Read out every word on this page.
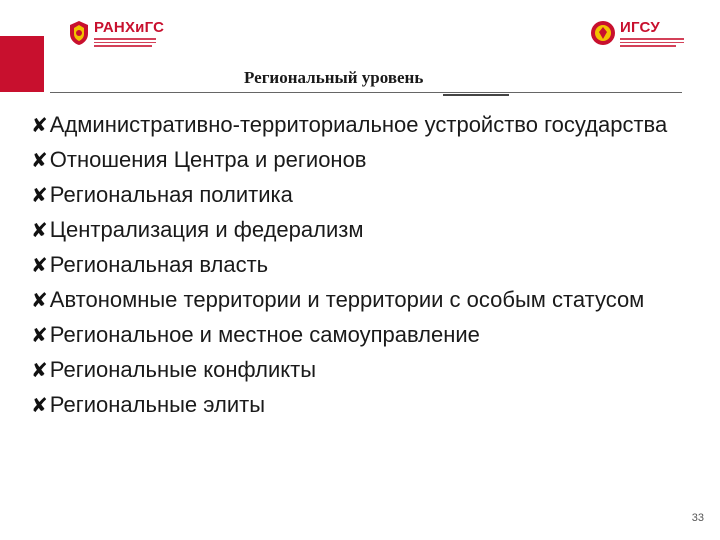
РАНХиГС	ИГСУ
Региональный уровень
✘Административно-территориальное устройство государства
✘Отношения Центра и регионов
✘Региональная политика
✘Централизация и федерализм
✘Региональная власть
✘Автономные территории и территории с особым статусом
✘Региональное и местное самоуправление
✘Региональные конфликты
✘Региональные элиты
33
